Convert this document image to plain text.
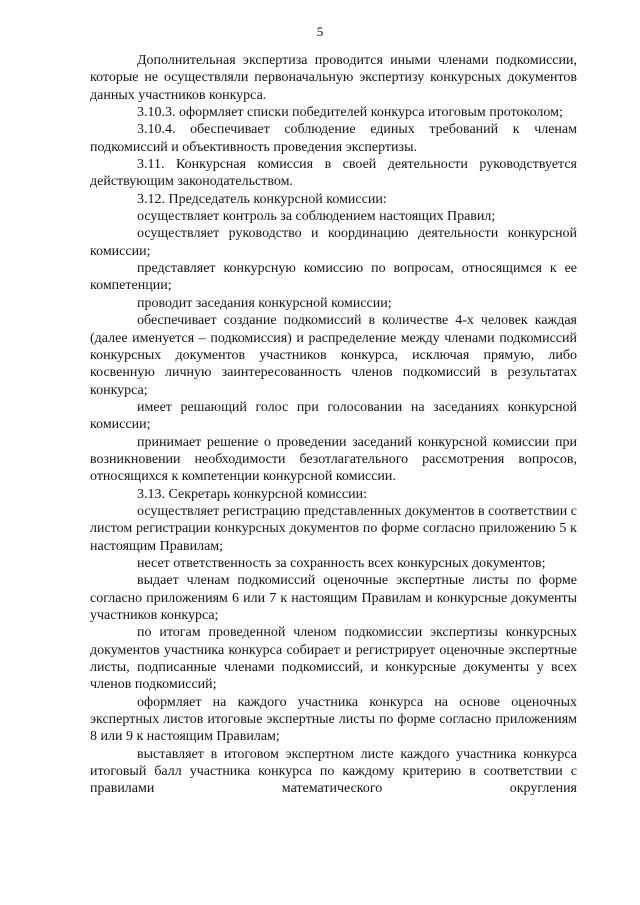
5

Дополнительная экспертиза проводится иными членами подкомиссии, которые не осуществляли первоначальную экспертизу конкурсных документов данных участников конкурса.

3.10.3. оформляет списки победителей конкурса итоговым протоколом;

3.10.4. обеспечивает соблюдение единых требований к членам подкомиссий и объективность проведения экспертизы.

3.11. Конкурсная комиссия в своей деятельности руководствуется действующим законодательством.

3.12. Председатель конкурсной комиссии:

осуществляет контроль за соблюдением настоящих Правил;

осуществляет руководство и координацию деятельности конкурсной комиссии;

представляет конкурсную комиссию по вопросам, относящимся к ее компетенции;

проводит заседания конкурсной комиссии;

обеспечивает создание подкомиссий в количестве 4-х человек каждая (далее именуется – подкомиссия) и распределение между членами подкомиссий конкурсных документов участников конкурса, исключая прямую, либо косвенную личную заинтересованность членов подкомиссий в результатах конкурса;

имеет решающий голос при голосовании на заседаниях конкурсной комиссии;

принимает решение о проведении заседаний конкурсной комиссии при возникновении необходимости безотлагательного рассмотрения вопросов, относящихся к компетенции конкурсной комиссии.

3.13. Секретарь конкурсной комиссии:

осуществляет регистрацию представленных документов в соответствии с листом регистрации конкурсных документов по форме согласно приложению 5 к настоящим Правилам;

несет ответственность за сохранность всех конкурсных документов;

выдает членам подкомиссий оценочные экспертные листы по форме согласно приложениям 6 или 7 к настоящим Правилам и конкурсные документы участников конкурса;

по итогам проведенной членом подкомиссии экспертизы конкурсных документов участника конкурса собирает и регистрирует оценочные экспертные листы, подписанные членами подкомиссий, и конкурсные документы у всех членов подкомиссий;

оформляет на каждого участника конкурса на основе оценочных экспертных листов итоговые экспертные листы по форме согласно приложениям 8 или 9 к настоящим Правилам;

выставляет в итоговом экспертном листе каждого участника конкурса итоговый балл участника конкурса по каждому критерию в соответствии с правилами математического округления
